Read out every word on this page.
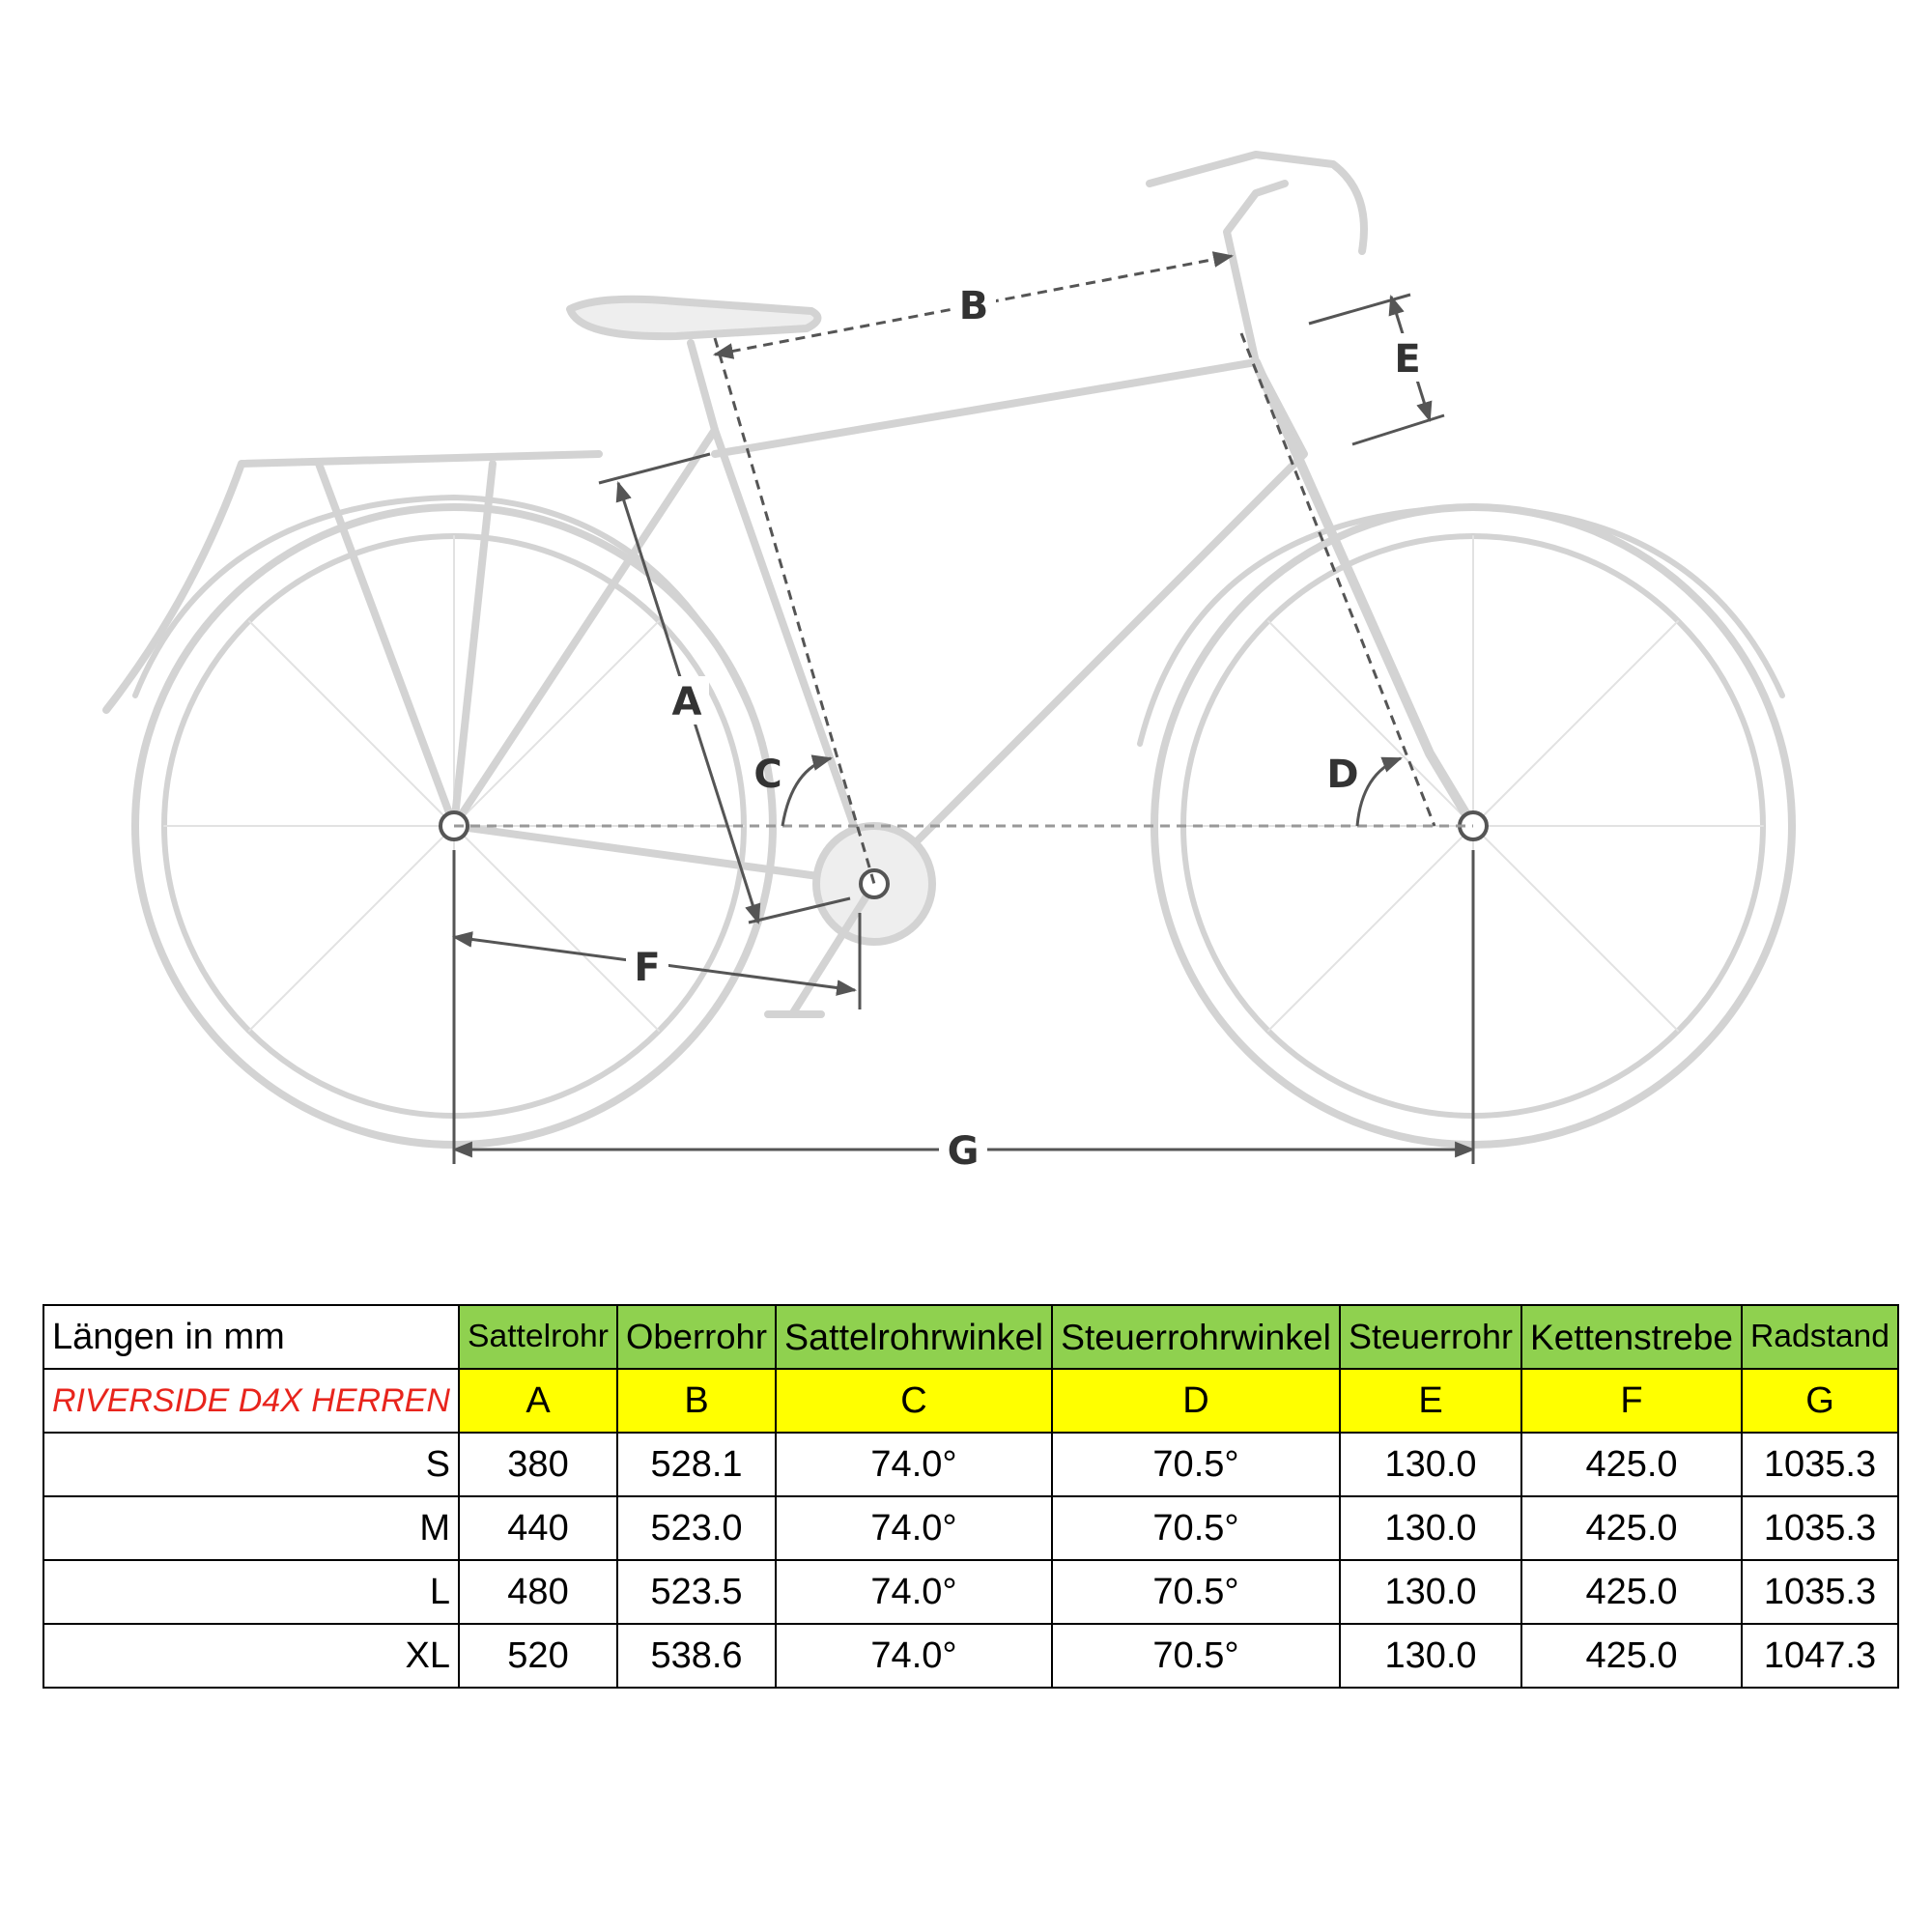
B
A
C	D
E
F
G
Längen in mm	Sattelrohr	Oberrohr	Sattelrohrwinkel	Steuerrohrwinkel	Steuerrohr	Kettenstrebe	Radstand
RIVERSIDE D4X HERREN	A	B	C	D	E	F	G
S	380	528.1	74.0°	70.5°	130.0	425.0	1035.3
M	440	523.0	74.0°	70.5°	130.0	425.0	1035.3
L	480	523.5	74.0°	70.5°	130.0	425.0	1035.3
XL	520	538.6	74.0°	70.5°	130.0	425.0	1047.3
